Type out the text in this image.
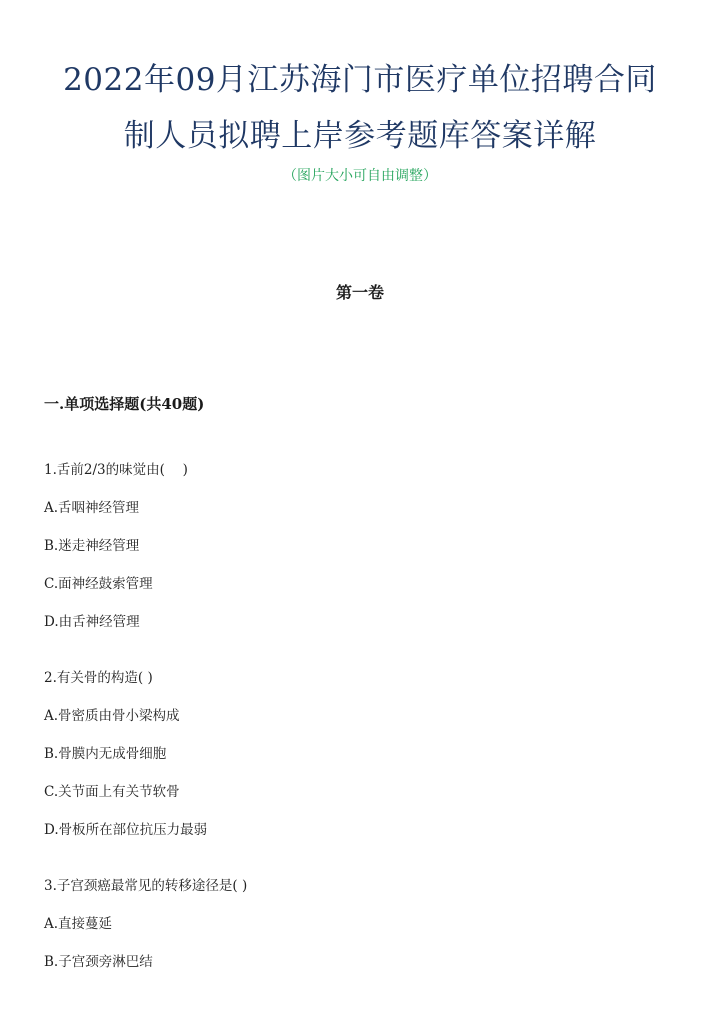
2022年09月江苏海门市医疗单位招聘合同
制人员拟聘上岸参考题库答案详解
（图片大小可自由调整）
第一卷
一.单项选择题(共40题)
1.舌前2/3的味觉由(　 )
A.舌咽神经管理
B.迷走神经管理
C.面神经鼓索管理
D.由舌神经管理
2.有关骨的构造( )
A.骨密质由骨小梁构成
B.骨膜内无成骨细胞
C.关节面上有关节软骨
D.骨板所在部位抗压力最弱
3.子宫颈癌最常见的转移途径是( )
A.直接蔓延
B.子宫颈旁淋巴结
